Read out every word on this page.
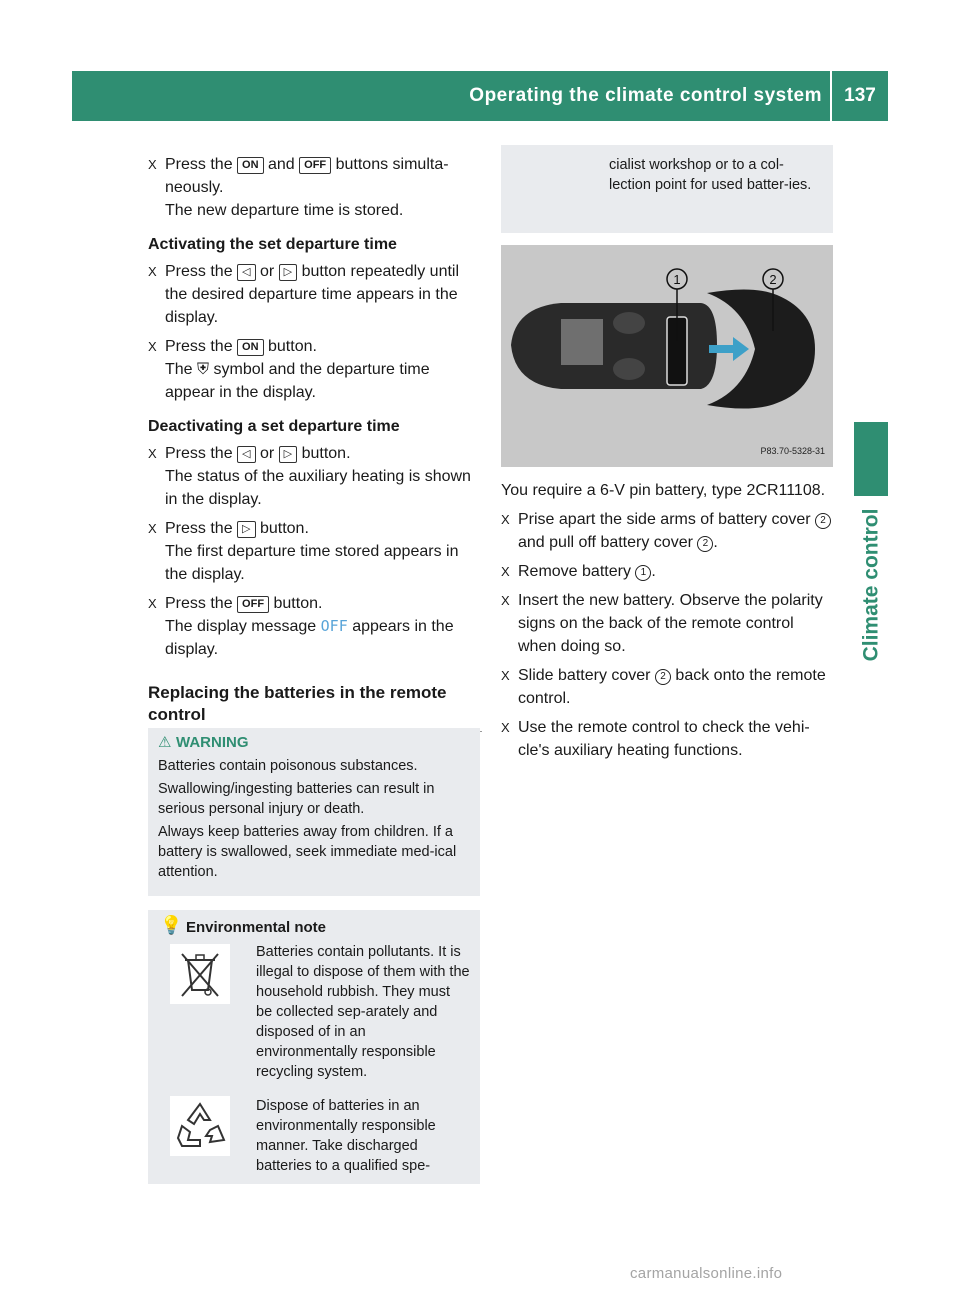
Operating the climate control system	137
Climate control
X Press the ON and OFF buttons simulta-neously.
The new departure time is stored.
Activating the set departure time
X Press the ◁ or ▷ button repeatedly until the desired departure time appears in the display.
X Press the ON button.
The ⛨ symbol and the departure time appear in the display.
Deactivating a set departure time
X Press the ◁ or ▷ button.
The status of the auxiliary heating is shown in the display.
X Press the ▷ button.
The first departure time stored appears in the display.
X Press the OFF button.
The display message OFF appears in the display.
Replacing the batteries in the remote control
⚠ WARNING

Batteries contain poisonous substances.

Swallowing/ingesting batteries can result in serious personal injury or death.

Always keep batteries away from children. If a battery is swallowed, seek immediate med-ical attention.

💡 Environmental note
Batteries contain pollutants. It is illegal to dispose of them with the household rubbish. They must be collected sep-arately and disposed of in an environmentally responsible recycling system.
Dispose of batteries in an environmentally responsible manner. Take discharged batteries to a qualified spe-
cialist workshop or to a col-lection point for used batter-ies.
1	2
P83.70-5328-31

You require a 6-V pin battery, type 2CR11108.

X Prise apart the side arms of battery cover 2 and pull off battery cover 2 .
X Remove battery 1 .
X Insert the new battery. Observe the polarity signs on the back of the remote control when doing so.
X Slide battery cover 2 back onto the remote control.
X Use the remote control to check the vehi-cle's auxiliary heating functions.
carmanualsonline.info
